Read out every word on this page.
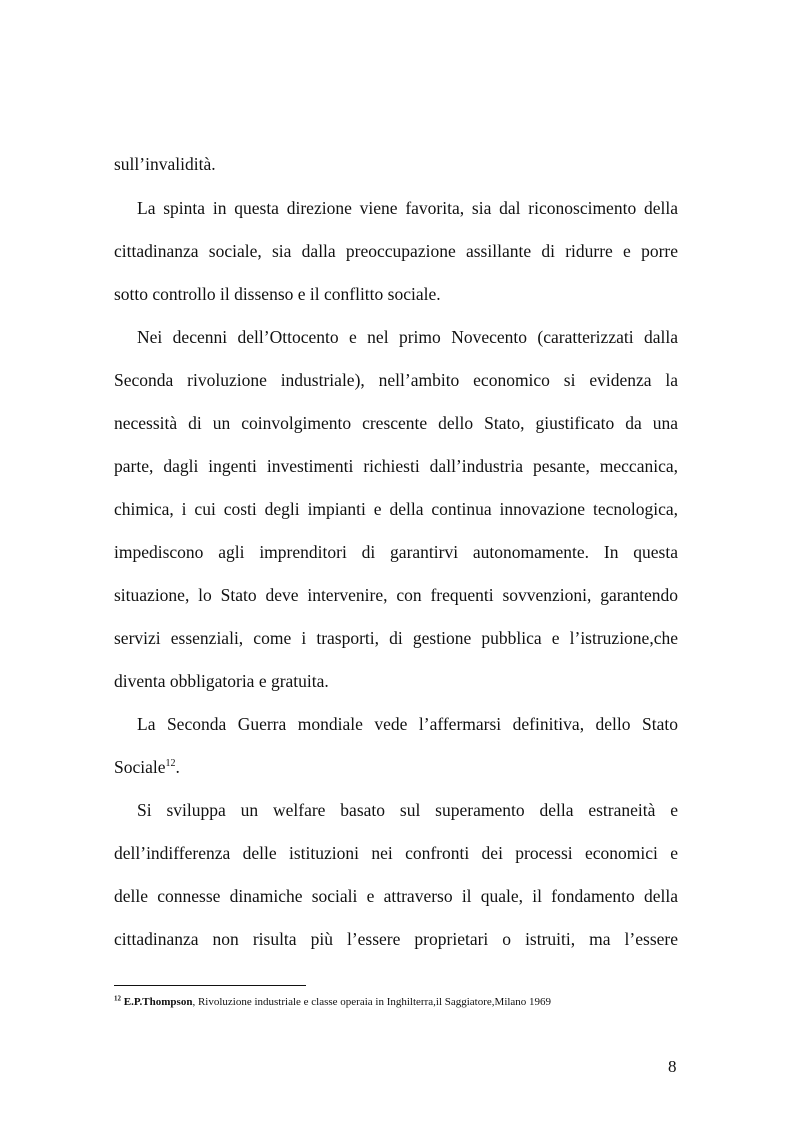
sull’invalidità.
La spinta in questa direzione viene favorita, sia dal riconoscimento della
cittadinanza sociale, sia dalla preoccupazione assillante di ridurre e porre
sotto controllo il dissenso e il conflitto sociale.
Nei decenni dell’Ottocento e nel primo Novecento (caratterizzati dalla
Seconda rivoluzione industriale), nell’ambito economico si evidenza la
necessità di un coinvolgimento crescente dello Stato, giustificato da una
parte, dagli ingenti investimenti richiesti dall’industria pesante, meccanica,
chimica, i cui costi degli impianti e della continua innovazione tecnologica,
impediscono agli imprenditori di garantirvi autonomamente. In questa
situazione, lo Stato deve intervenire, con frequenti sovvenzioni, garantendo
servizi essenziali, come i trasporti, di gestione pubblica e l’istruzione,che
diventa obbligatoria e gratuita.
La Seconda Guerra mondiale vede l’affermarsi definitiva, dello Stato
Sociale$^{12}$.
Si sviluppa un welfare basato sul superamento della estraneità e
dell’indifferenza delle istituzioni nei confronti dei processi economici e
delle connesse dinamiche sociali e attraverso il quale, il fondamento della
cittadinanza non risulta più l’essere proprietari o istruiti, ma l’essere
$^{12}$ E.P.Thompson, Rivoluzione industriale e classe operaia in Inghilterra,il Saggiatore,Milano 1969
8
